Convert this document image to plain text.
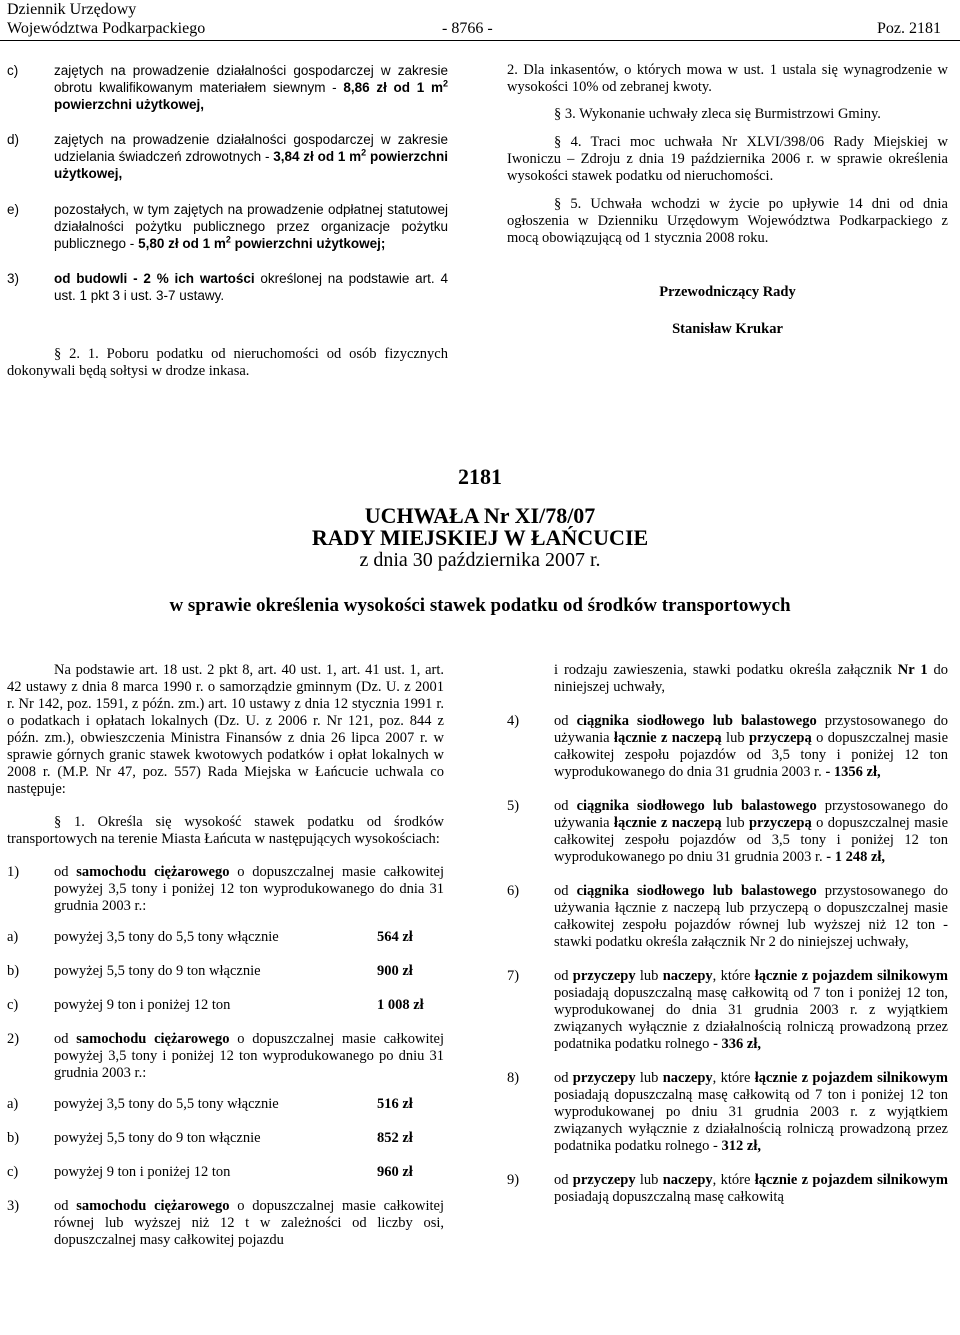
Dziennik Urzędowy
Województwa Podkarpackiego	- 8766 -	Poz. 2181
c)	zajętych na prowadzenie działalności gospodarczej w zakresie obrotu kwalifikowanym materiałem siewnym - 8,86 zł od 1 $m^2$ powierzchni użytkowej,
d)	zajętych na prowadzenie działalności gospodarczej w zakresie udzielania świadczeń zdrowotnych - 3,84 zł od 1 $m^2$ powierzchni użytkowej,
e)	pozostałych, w tym zajętych na prowadzenie odpłatnej statutowej działalności pożytku publicznego przez organizacje pożytku publicznego - 5,80 zł od 1 $m^2$ powierzchni użytkowej;
3)	od budowli - 2 % ich wartości określonej na podstawie art. 4 ust. 1 pkt 3 i ust. 3-7 ustawy.
§ 2. 1. Poboru podatku od nieruchomości od osób fizycznych dokonywali będą sołtysi w drodze inkasa.
2. Dla inkasentów, o których mowa w ust. 1 ustala się wynagrodzenie w wysokości 10% od zebranej kwoty.
§ 3. Wykonanie uchwały zleca się Burmistrzowi Gminy.
§ 4. Traci moc uchwała Nr XLVI/398/06 Rady Miejskiej w Iwoniczu – Zdroju z dnia 19 października 2006 r. w sprawie określenia wysokości stawek podatku od nieruchomości.
§ 5. Uchwała wchodzi w życie po upływie 14 dni od dnia ogłoszenia w Dzienniku Urzędowym Województwa Podkarpackiego z mocą obowiązującą od 1 stycznia 2008 roku.
Przewodniczący Rady
Stanisław Krukar
2181
UCHWAŁA Nr XI/78/07
RADY MIEJSKIEJ W ŁAŃCUCIE
z dnia 30 października 2007 r.
w sprawie określenia wysokości stawek podatku od środków transportowych
Na podstawie art. 18 ust. 2 pkt 8, art. 40 ust. 1, art. 41 ust. 1, art. 42 ustawy z dnia 8 marca 1990 r. o samorządzie gminnym (Dz. U. z 2001 r. Nr 142, poz. 1591, z późn. zm.) art. 10 ustawy z dnia 12 stycznia 1991 r. o podatkach i opłatach lokalnych (Dz. U. z 2006 r. Nr 121, poz. 844 z późn. zm.), obwieszczenia Ministra Finansów z dnia 26 lipca 2007 r. w sprawie górnych granic stawek kwotowych podatków i opłat lokalnych w 2008 r. (M.P. Nr 47, poz. 557) Rada Miejska w Łańcucie uchwala co następuje:
§ 1. Określa się wysokość stawek podatku od środków transportowych na terenie Miasta Łańcuta w następujących wysokościach:
1) od samochodu ciężarowego o dopuszczalnej masie całkowitej powyżej 3,5 tony i poniżej 12 ton wyprodukowanego do dnia 31 grudnia 2003 r.:
a) powyżej 3,5 tony do 5,5 tony włącznie	564 zł
b) powyżej 5,5 tony do 9 ton włącznie	900 zł
c) powyżej 9 ton i poniżej 12 ton	1 008 zł
2) od samochodu ciężarowego o dopuszczalnej masie całkowitej powyżej 3,5 tony i poniżej 12 ton wyprodukowanego po dniu 31 grudnia 2003 r.:
a) powyżej 3,5 tony do 5,5 tony włącznie	516 zł
b) powyżej 5,5 tony do 9 ton włącznie	852 zł
c) powyżej 9 ton i poniżej 12 ton	960 zł
3) od samochodu ciężarowego o dopuszczalnej masie całkowitej równej lub wyższej niż 12 t w zależności od liczby osi, dopuszczalnej masy całkowitej pojazdu
i rodzaju zawieszenia, stawki podatku określa załącznik Nr 1 do niniejszej uchwały,
4) od ciągnika siodłowego lub balastowego przystosowanego do używania łącznie z naczepą lub przyczepą o dopuszczalnej masie całkowitej zespołu pojazdów od 3,5 tony i poniżej 12 ton wyprodukowanego do dnia 31 grudnia 2003 r. - 1356 zł,
5) od ciągnika siodłowego lub balastowego przystosowanego do używania łącznie z naczepą lub przyczepą o dopuszczalnej masie całkowitej zespołu pojazdów od 3,5 tony i poniżej 12 ton wyprodukowanego po dniu 31 grudnia 2003 r. - 1 248 zł,
6) od ciągnika siodłowego lub balastowego przystosowanego do używania łącznie z naczepą lub przyczepą o dopuszczalnej masie całkowitej zespołu pojazdów równej lub wyższej niż 12 ton - stawki podatku określa załącznik Nr 2 do niniejszej uchwały,
7) od przyczepy lub naczepy, które łącznie z pojazdem silnikowym posiadają dopuszczalną masę całkowitą od 7 ton i poniżej 12 ton, wyprodukowanej do dnia 31 grudnia 2003 r. z wyjątkiem związanych wyłącznie z działalnością rolniczą prowadzoną przez podatnika podatku rolnego - 336 zł,
8) od przyczepy lub naczepy, które łącznie z pojazdem silnikowym posiadają dopuszczalną masę całkowitą od 7 ton i poniżej 12 ton wyprodukowanej po dniu 31 grudnia 2003 r. z wyjątkiem związanych wyłącznie z działalnością rolniczą prowadzoną przez podatnika podatku rolnego - 312 zł,
9) od przyczepy lub naczepy, które łącznie z pojazdem silnikowym posiadają dopuszczalną masę całkowitą
